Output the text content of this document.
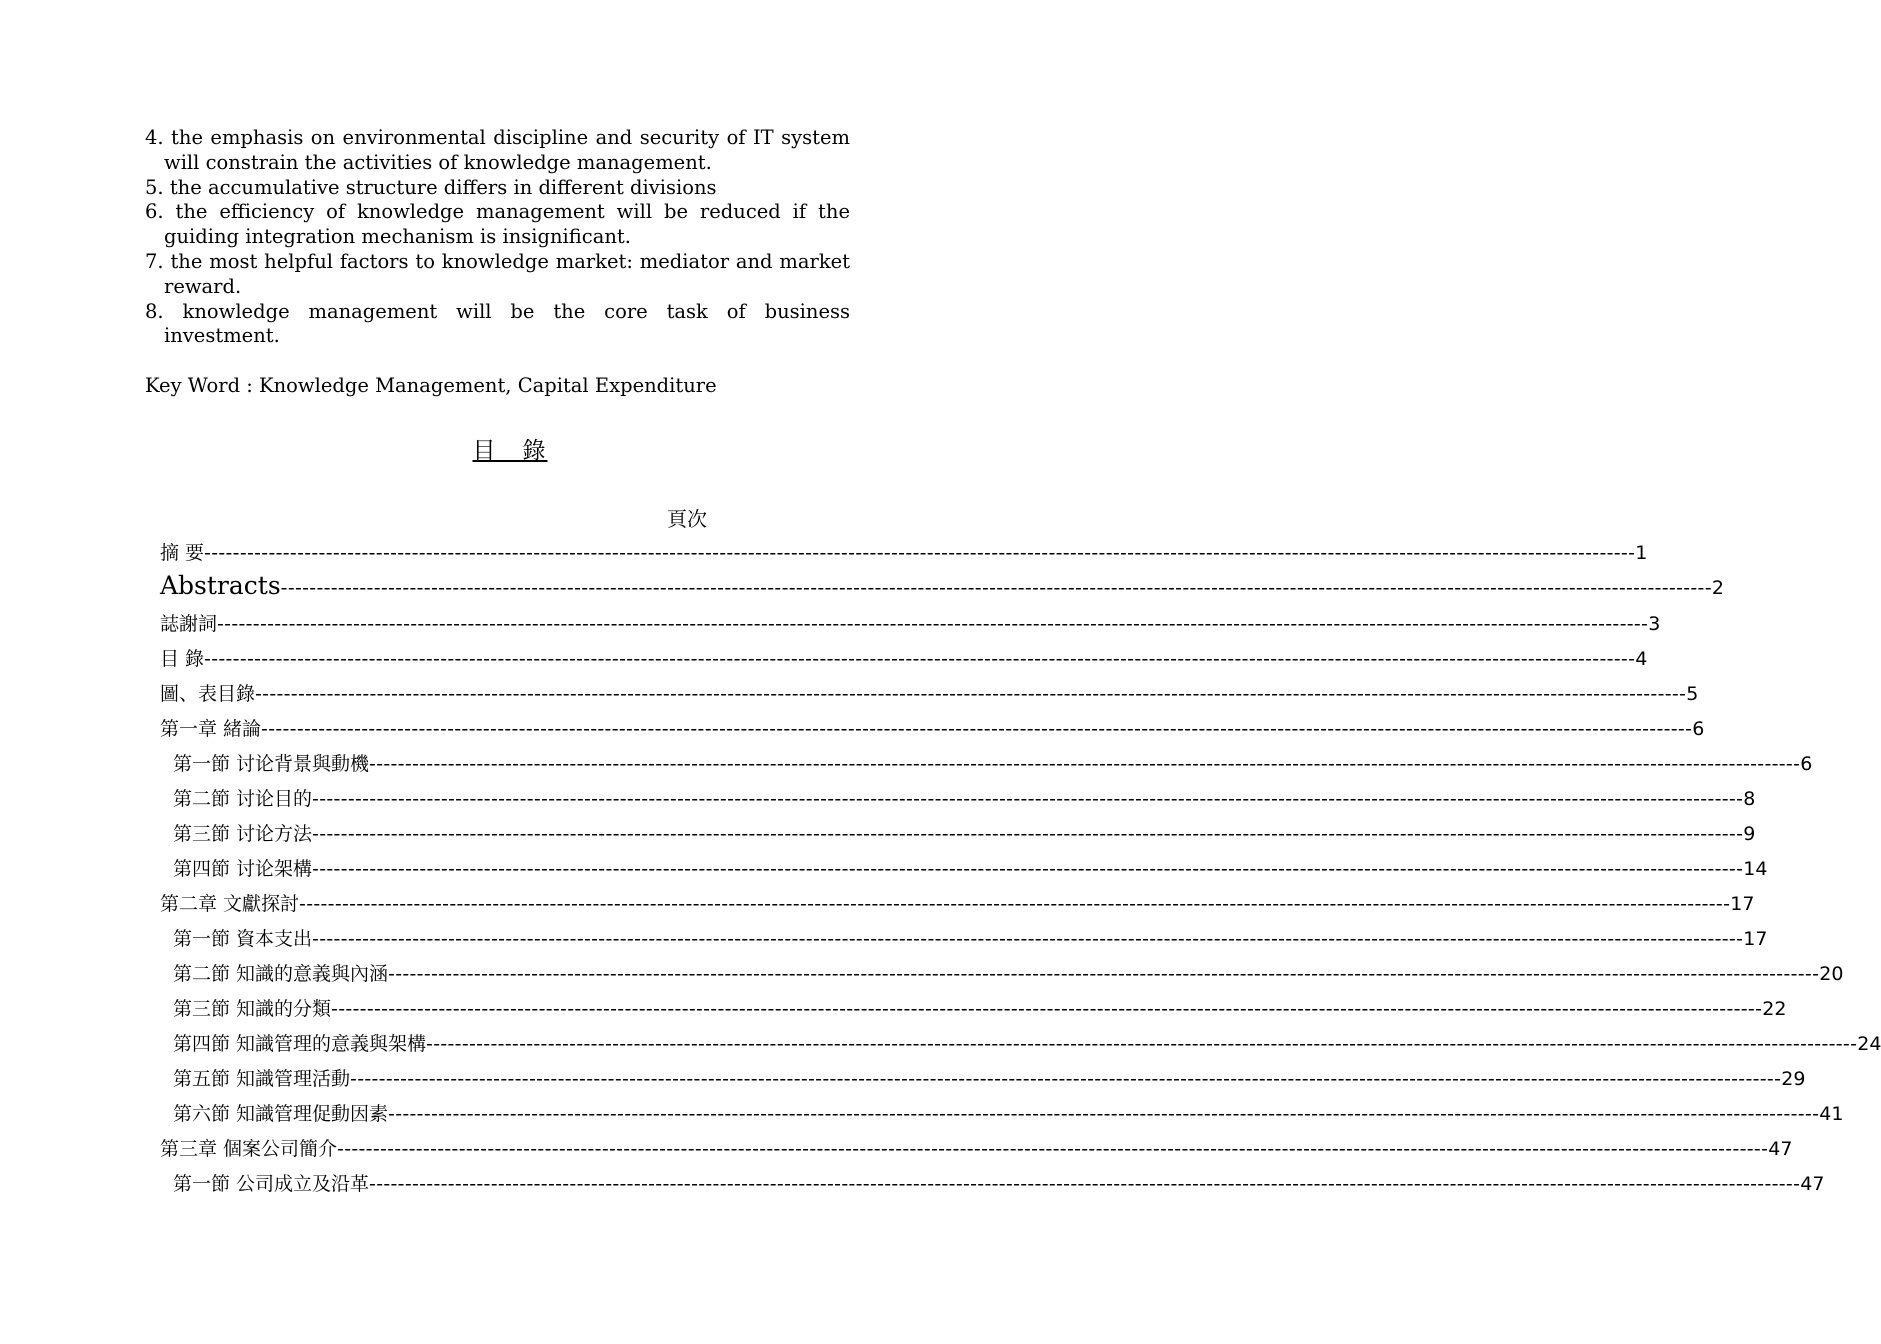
4. the emphasis on environmental discipline and security of IT system will constrain the activities of knowledge management.
5. the accumulative structure differs in different divisions
6. the efficiency of knowledge management will be reduced if the guiding integration mechanism is insignificant.
7. the most helpful factors to knowledge market: mediator and market reward.
8. knowledge management will be the core task of business investment.
Key Word : Knowledge Management, Capital Expenditure
目　錄
頁次
摘 要 -------------------------------------------------------------------------------------------------------------------------------------------------------------------------------------------------------- 1
Abstracts -------------------------------------------------------------------------------------------------------------------------------------------------------------------------------------------------------- 2
誌謝詞 -------------------------------------------------------------------------------------------------------------------------------------------------------------------------------------------------------- 3
目 錄 -------------------------------------------------------------------------------------------------------------------------------------------------------------------------------------------------------- 4
圖、表目錄 -------------------------------------------------------------------------------------------------------------------------------------------------------------------------------------------------------- 5
第一章 緒論 -------------------------------------------------------------------------------------------------------------------------------------------------------------------------------------------------------- 6
第一節 讨论背景與動機 -------------------------------------------------------------------------------------------------------------------------------------------------------------------------------------------------------- 6
第二節 讨论目的 -------------------------------------------------------------------------------------------------------------------------------------------------------------------------------------------------------- 8
第三節 讨论方法 -------------------------------------------------------------------------------------------------------------------------------------------------------------------------------------------------------- 9
第四節 讨论架構 -------------------------------------------------------------------------------------------------------------------------------------------------------------------------------------------------------- 14
第二章 文獻探討 -------------------------------------------------------------------------------------------------------------------------------------------------------------------------------------------------------- 17
第一節 資本支出 -------------------------------------------------------------------------------------------------------------------------------------------------------------------------------------------------------- 17
第二節 知識的意義與內涵 -------------------------------------------------------------------------------------------------------------------------------------------------------------------------------------------------------- 20
第三節 知識的分類 -------------------------------------------------------------------------------------------------------------------------------------------------------------------------------------------------------- 22
第四節 知識管理的意義與架構 -------------------------------------------------------------------------------------------------------------------------------------------------------------------------------------------------------- 24
第五節 知識管理活動 -------------------------------------------------------------------------------------------------------------------------------------------------------------------------------------------------------- 29
第六節 知識管理促動因素 -------------------------------------------------------------------------------------------------------------------------------------------------------------------------------------------------------- 41
第三章 個案公司簡介 -------------------------------------------------------------------------------------------------------------------------------------------------------------------------------------------------------- 47
第一節 公司成立及沿革 -------------------------------------------------------------------------------------------------------------------------------------------------------------------------------------------------------- 47
